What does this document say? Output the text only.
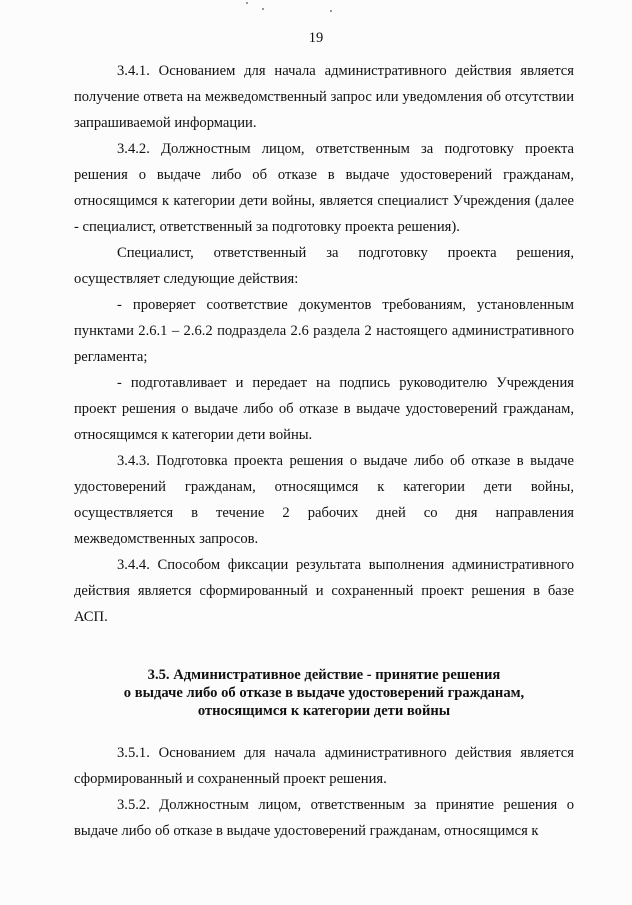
19

3.4.1. Основанием для начала административного действия является получение ответа на межведомственный запрос или уведомления об отсутствии запрашиваемой информации.

3.4.2. Должностным лицом, ответственным за подготовку проекта решения о выдаче либо об отказе в выдаче удостоверений гражданам, относящимся к категории дети войны, является специалист Учреждения (далее - специалист, ответственный за подготовку проекта решения).

Специалист, ответственный за подготовку проекта решения, осуществляет следующие действия:

- проверяет соответствие документов требованиям, установленным пунктами 2.6.1 – 2.6.2 подраздела 2.6 раздела 2 настоящего административного регламента;

- подготавливает и передает на подпись руководителю Учреждения проект решения о выдаче либо об отказе в выдаче удостоверений гражданам, относящимся к категории дети войны.

3.4.3. Подготовка проекта решения о выдаче либо об отказе в выдаче удостоверений гражданам, относящимся к категории дети войны, осуществляется в течение 2 рабочих дней со дня направления межведомственных запросов.

3.4.4. Способом фиксации результата выполнения административного действия является сформированный и сохраненный проект решения в базе АСП.

3.5. Административное действие - принятие решения
о выдаче либо об отказе в выдаче удостоверений гражданам,
относящимся к категории дети войны

3.5.1. Основанием для начала административного действия является сформированный и сохраненный проект решения.

3.5.2. Должностным лицом, ответственным за принятие решения о выдаче либо об отказе в выдаче удостоверений гражданам, относящимся к
